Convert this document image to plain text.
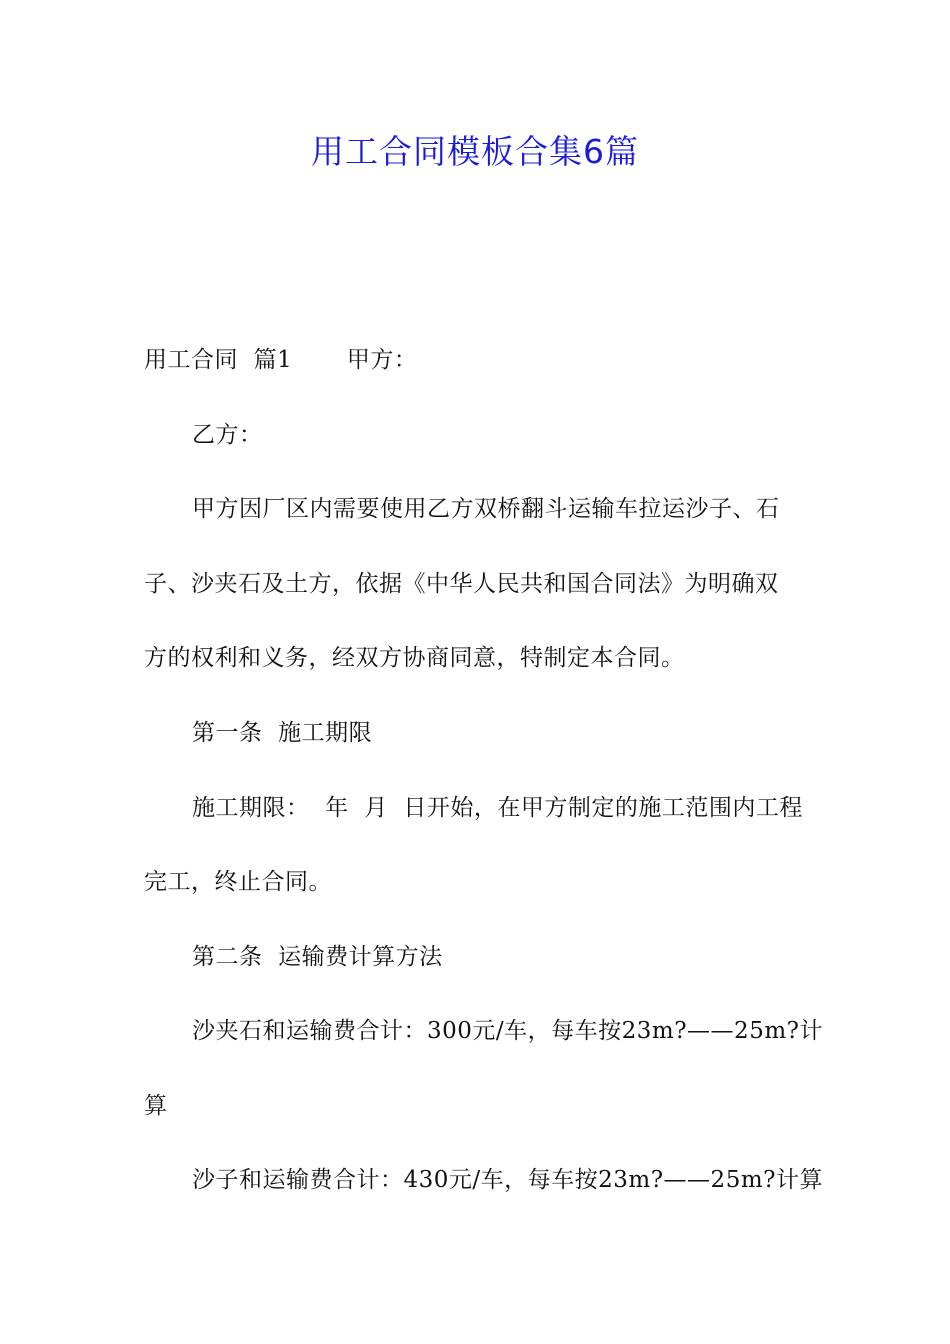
用工合同模板合集6篇
用工合同  篇1       甲方：
乙方：
甲方因厂区内需要使用乙方双桥翻斗运输车拉运沙子、石
子、沙夹石及土方，依据《中华人民共和国合同法》为明确双
方的权利和义务，经双方协商同意，特制定本合同。
第一条  施工期限
施工期限：  年  月  日开始，在甲方制定的施工范围内工程
完工，终止合同。
第二条  运输费计算方法
沙夹石和运输费合计：300元/车，每车按23m?——25m?计
算
沙子和运输费合计：430元/车，每车按23m?——25m?计算
